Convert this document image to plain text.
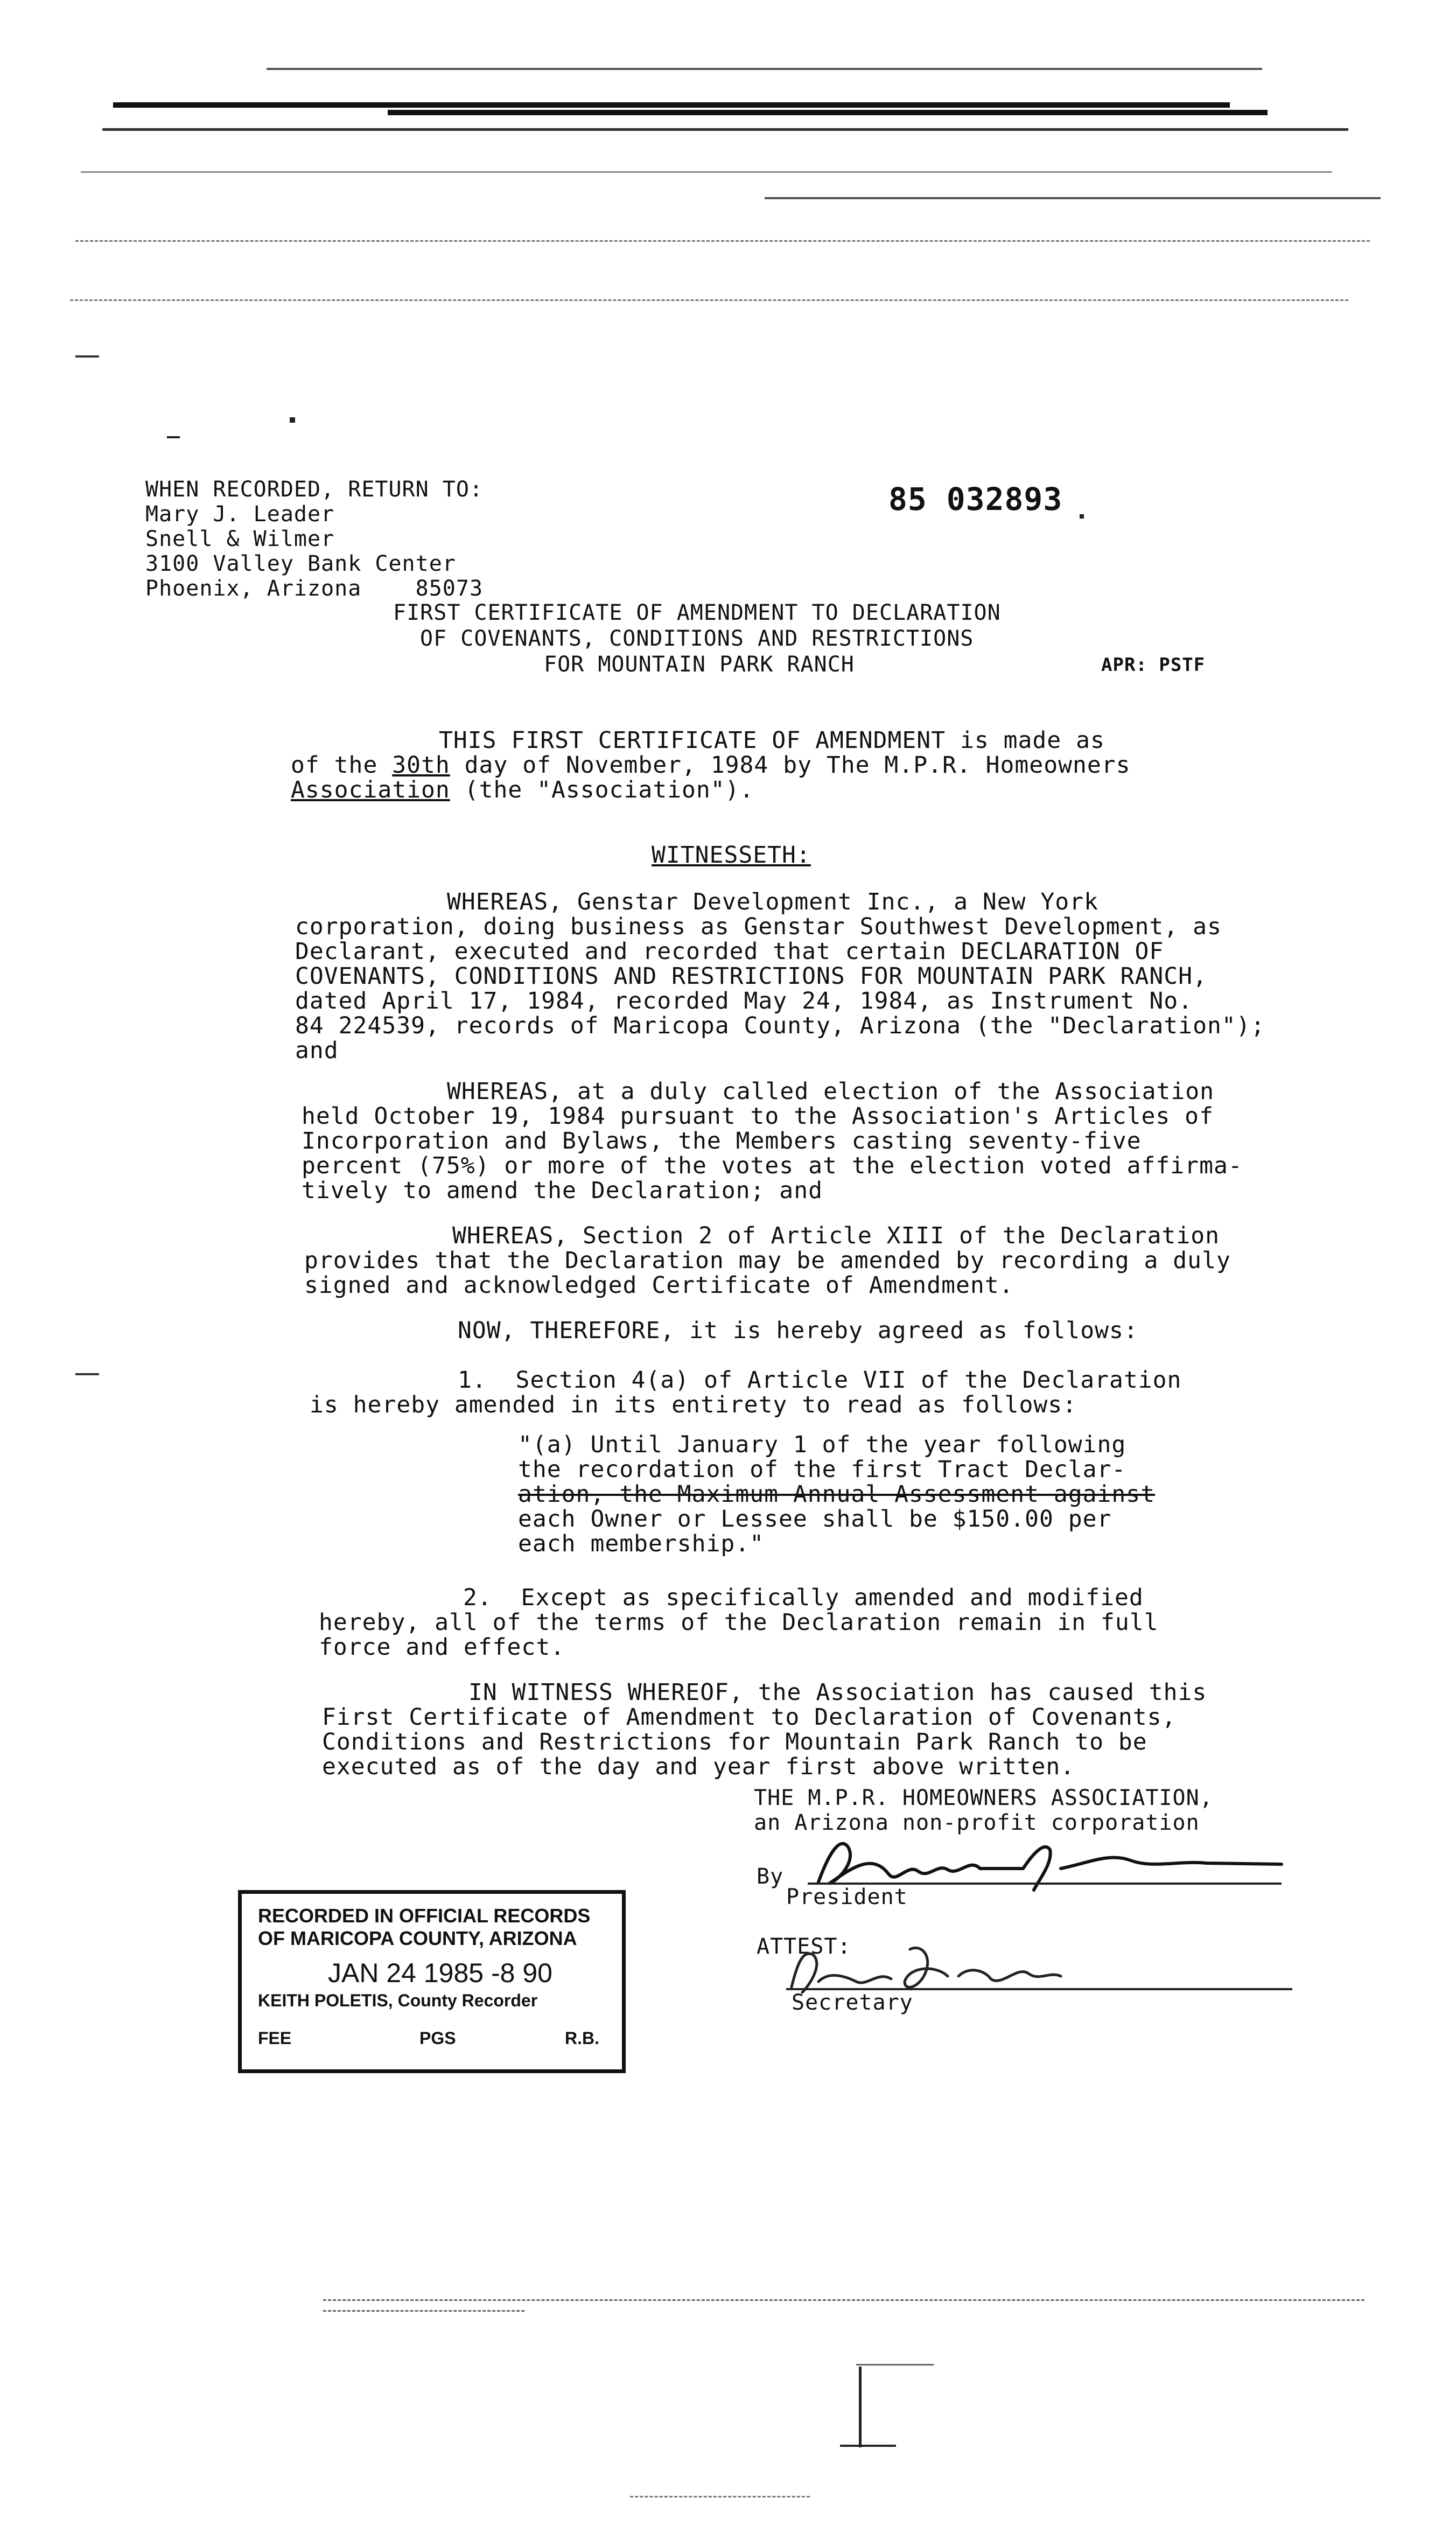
WHEN RECORDED, RETURN TO:
Mary J. Leader
Snell & Wilmer
3100 Valley Bank Center
Phoenix, Arizona    85073
85 032893
APR: PSTF
FIRST CERTIFICATE OF AMENDMENT TO DECLARATION
OF COVENANTS, CONDITIONS AND RESTRICTIONS
FOR MOUNTAIN PARK RANCH
THIS FIRST CERTIFICATE OF AMENDMENT is made as
of the 30th day of November, 1984 by The M.P.R. Homeowners
Association (the "Association").
WITNESSETH:
WHEREAS, Genstar Development Inc., a New York
corporation, doing business as Genstar Southwest Development, as
Declarant, executed and recorded that certain DECLARATION OF
COVENANTS, CONDITIONS AND RESTRICTIONS FOR MOUNTAIN PARK RANCH,
dated April 17, 1984, recorded May 24, 1984, as Instrument No.
84 224539, records of Maricopa County, Arizona (the "Declaration");
and
WHEREAS, at a duly called election of the Association
held October 19, 1984 pursuant to the Association's Articles of
Incorporation and Bylaws, the Members casting seventy-five
percent (75%) or more of the votes at the election voted affirma-
tively to amend the Declaration; and
WHEREAS, Section 2 of Article XIII of the Declaration
provides that the Declaration may be amended by recording a duly
signed and acknowledged Certificate of Amendment.
NOW, THEREFORE, it is hereby agreed as follows:
1.  Section 4(a) of Article VII of the Declaration
is hereby amended in its entirety to read as follows:
"(a) Until January 1 of the year following
the recordation of the first Tract Declar-
ation, the Maximum Annual Assessment against
each Owner or Lessee shall be $150.00 per
each membership."
2.  Except as specifically amended and modified
hereby, all of the terms of the Declaration remain in full
force and effect.
IN WITNESS WHEREOF, the Association has caused this
First Certificate of Amendment to Declaration of Covenants,
Conditions and Restrictions for Mountain Park Ranch to be
executed as of the day and year first above written.
THE M.P.R. HOMEOWNERS ASSOCIATION,
an Arizona non-profit corporation
By
President
ATTEST:
Secretary
RECORDED IN OFFICIAL RECORDS
OF MARICOPA COUNTY, ARIZONA
JAN 24 1985 -8 90
KEITH POLETIS, County Recorder
FEE	PGS	R.B.
